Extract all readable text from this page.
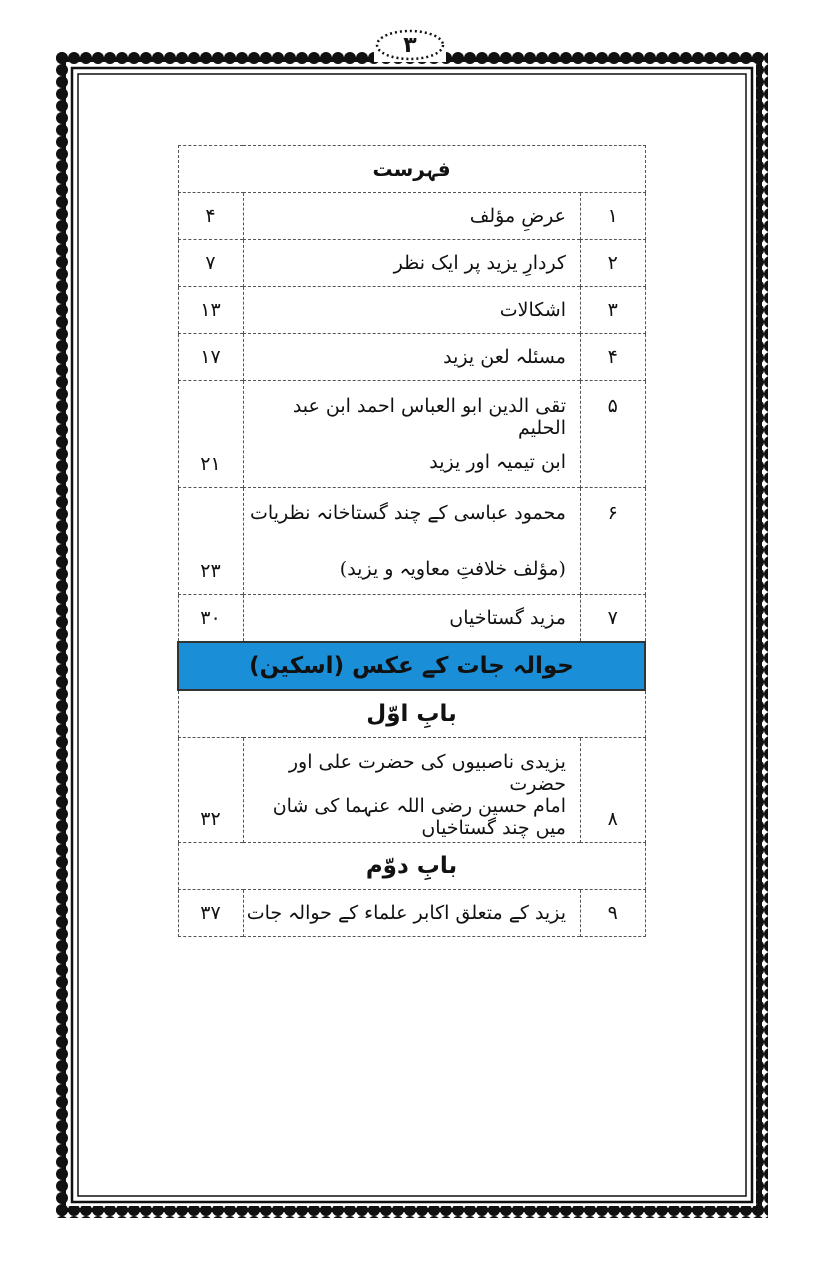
۳
فہرست		
۱	عرضِ مؤلف	۴
۲	کردارِ یزید پر ایک نظر	۷
۳	اشکالات	۱۳
۴	مسئلہ لعن یزید	۱۷
۵	تقی الدین ابو العباس احمد ابن عبد الحلیم
ابن تیمیہ اور یزید	۲۱
۶	محمود عباسی کے چند گستاخانہ نظریات
(مؤلف خلافتِ معاویہ و یزید)	۲۳
۷	مزید گستاخیاں	۳۰
حوالہ جات کے عکس (اسکین)		
بابِ اوّل		
۸	یزیدی ناصبیوں کی حضرت علی اور حضرت
امام حسین رضی اللہ عنہما کی شان میں چند گستاخیاں	۳۲
بابِ دوّم		
۹	یزید کے متعلق اکابر علماء کے حوالہ جات	۳۷
